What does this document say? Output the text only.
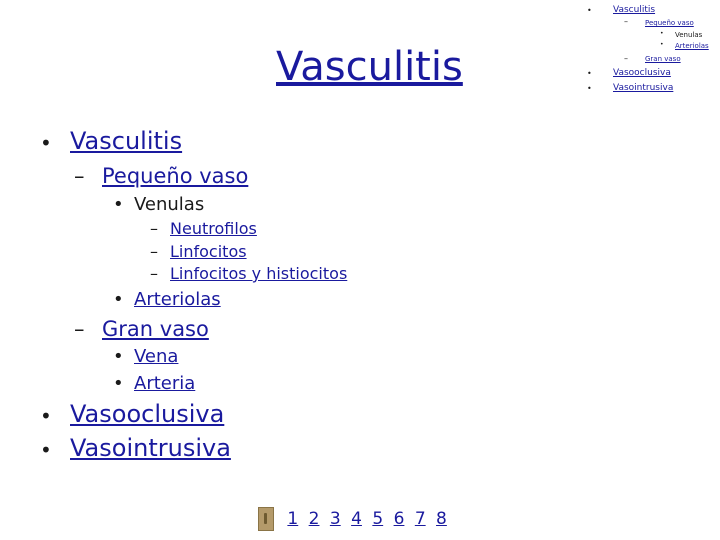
• Vasculitis
– Pequeño vaso
• Venulas
• Arteriolas
– Gran vaso
• Vasooclusiva
• Vasointrusiva
Vasculitis
• Vasculitis
– Pequeño vaso
• Venulas
– Neutrofilos
– Linfocitos
– Linfocitos y histiocitos
• Arteriolas
– Gran vaso
• Vena
• Arteria
• Vasooclusiva
• Vasointrusiva
1 2 3 4 5 6 7 8
